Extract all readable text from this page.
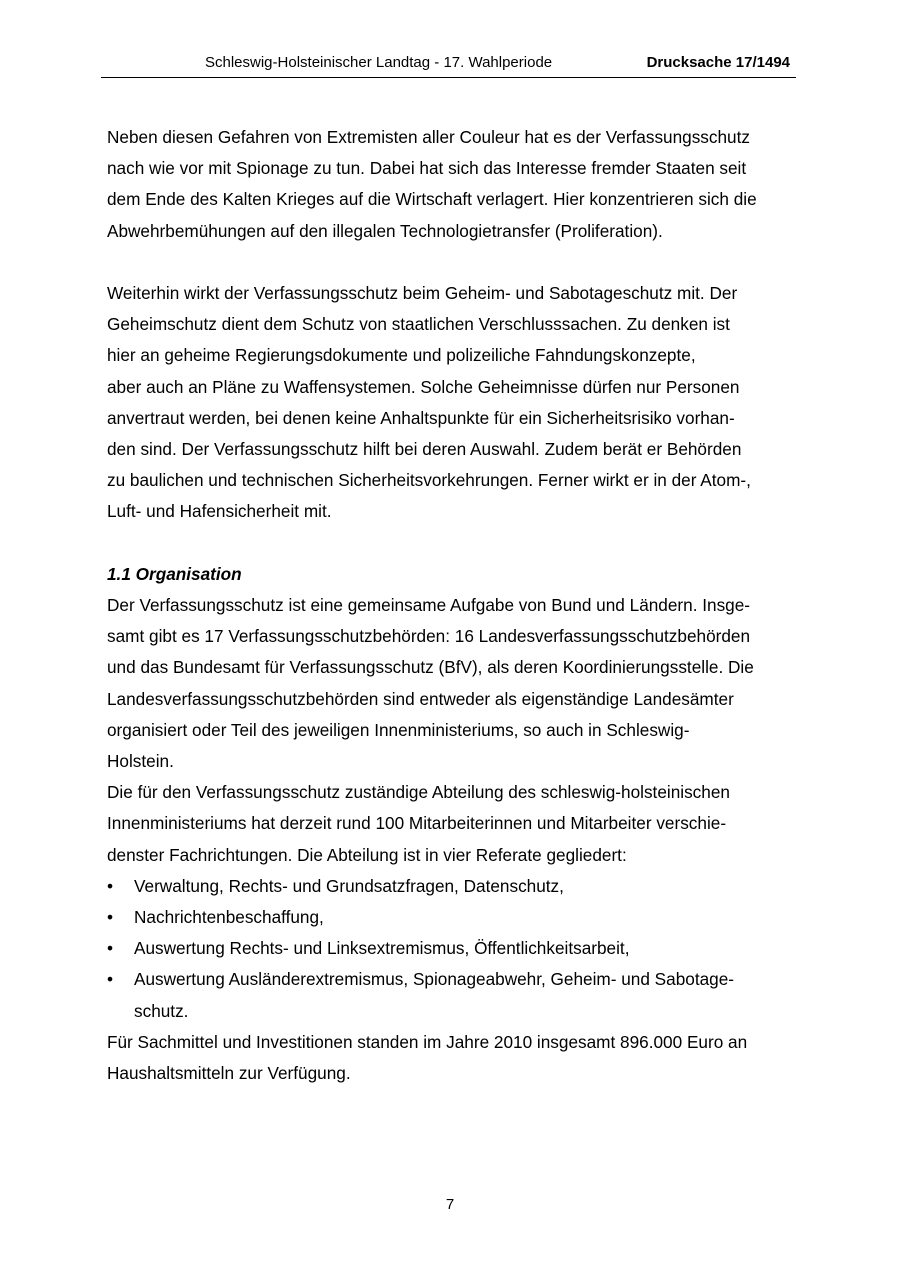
Schleswig-Holsteinischer Landtag - 17. Wahlperiode	Drucksache 17/1494

Neben diesen Gefahren von Extremisten aller Couleur hat es der Verfassungsschutz
nach wie vor mit Spionage zu tun. Dabei hat sich das Interesse fremder Staaten seit
dem Ende des Kalten Krieges auf die Wirtschaft verlagert. Hier konzentrieren sich die
Abwehrbemühungen auf den illegalen Technologietransfer (Proliferation).

Weiterhin wirkt der Verfassungsschutz beim Geheim- und Sabotageschutz mit. Der
Geheimschutz dient dem Schutz von staatlichen Verschlusssachen. Zu denken ist
hier an geheime Regierungsdokumente und polizeiliche Fahndungskonzepte,
aber auch an Pläne zu Waffensystemen. Solche Geheimnisse dürfen nur Personen
anvertraut werden, bei denen keine Anhaltspunkte für ein Sicherheitsrisiko vorhan-
den sind. Der Verfassungsschutz hilft bei deren Auswahl. Zudem berät er Behörden
zu baulichen und technischen Sicherheitsvorkehrungen. Ferner wirkt er in der Atom-,
Luft- und Hafensicherheit mit.

1.1 Organisation

Der Verfassungsschutz ist eine gemeinsame Aufgabe von Bund und Ländern. Insge-
samt gibt es 17 Verfassungsschutzbehörden: 16 Landesverfassungsschutzbehörden
und das Bundesamt für Verfassungsschutz (BfV), als deren Koordinierungsstelle. Die
Landesverfassungsschutzbehörden sind entweder als eigenständige Landesämter
organisiert oder Teil des jeweiligen Innenministeriums, so auch in Schleswig-
Holstein.

Die für den Verfassungsschutz zuständige Abteilung des schleswig-holsteinischen
Innenministeriums hat derzeit rund 100 Mitarbeiterinnen und Mitarbeiter verschie-
denster Fachrichtungen. Die Abteilung ist in vier Referate gegliedert:

• Verwaltung, Rechts- und Grundsatzfragen, Datenschutz,
• Nachrichtenbeschaffung,
• Auswertung Rechts- und Linksextremismus, Öffentlichkeitsarbeit,
• Auswertung Ausländerextremismus, Spionageabwehr, Geheim- und Sabotage-
schutz.

Für Sachmittel und Investitionen standen im Jahre 2010 insgesamt 896.000 Euro an
Haushaltsmitteln zur Verfügung.

7
